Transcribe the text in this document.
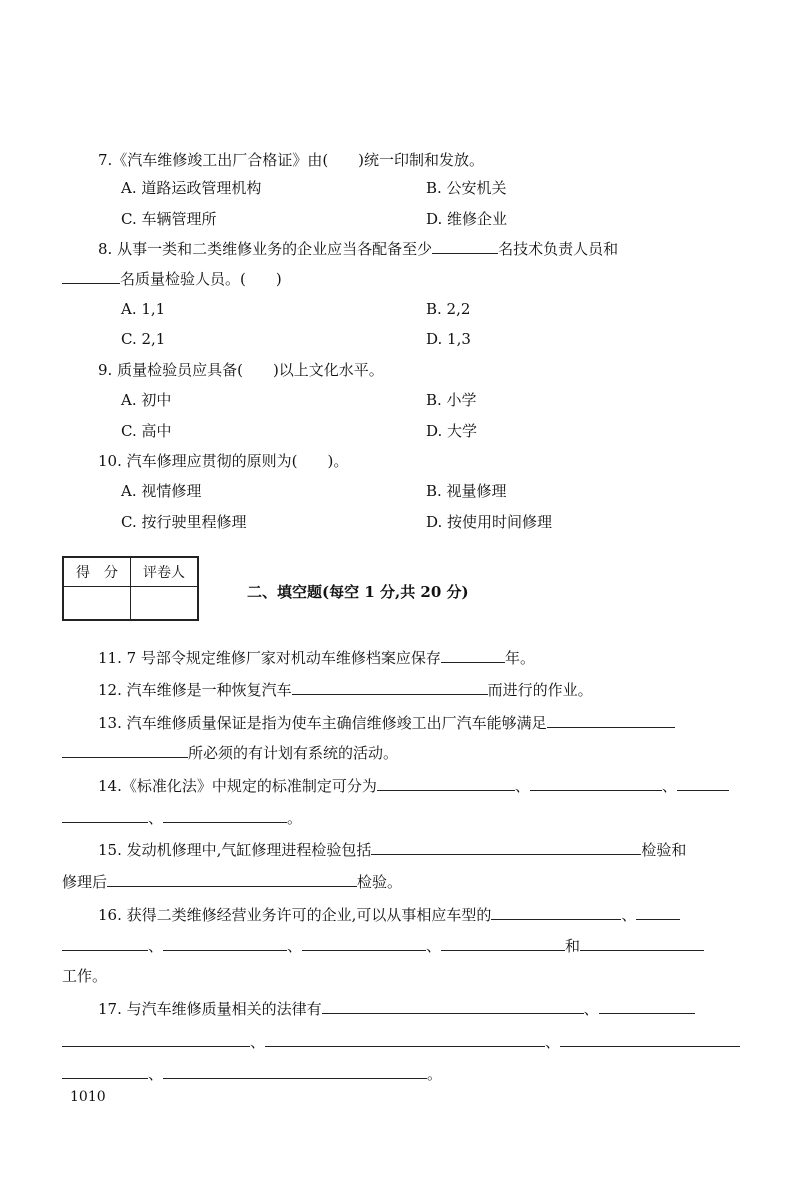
7.《汽车维修竣工出厂合格证》由( )统一印制和发放。
A. 道路运政管理机构	B. 公安机关
C. 车辆管理所	D. 维修企业
8. 从事一类和二类维修业务的企业应当各配备至少	名技术负责人员和
名质量检验人员。( )
A. 1,1	B. 2,2
C. 2,1	D. 1,3
9. 质量检验员应具备( )以上文化水平。
A. 初中	B. 小学
C. 高中	D. 大学
10. 汽车修理应贯彻的原则为( )。
A. 视情修理	B. 视量修理
C. 按行驶里程修理	D. 按使用时间修理
得　分	评卷人

二、填空题(每空 1 分,共 20 分)
11. 7 号部令规定维修厂家对机动车维修档案应保存	年。
12. 汽车维修是一种恢复汽车	而进行的作业。
13. 汽车维修质量保证是指为使车主确信维修竣工出厂汽车能够满足
所必须的有计划有系统的活动。
14.《标准化法》中规定的标准制定可分为	、	、
、	。
15. 发动机修理中,气缸修理进程检验包括	检验和
修理后	检验。
16. 获得二类维修经营业务许可的企业,可以从事相应车型的	、
、	、	、	和
工作。
17. 与汽车维修质量相关的法律有	、
、	、
、	。
1010
